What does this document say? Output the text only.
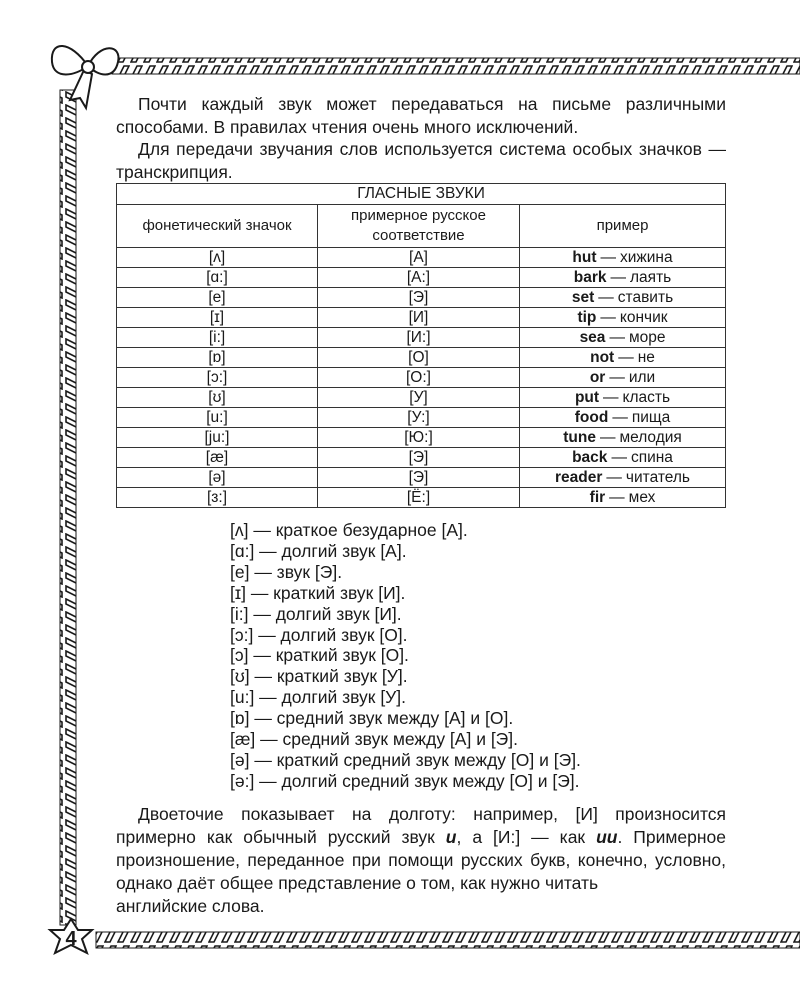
Почти каждый звук может передаваться на письме различными способами. В правилах чтения очень много исключений.

Для передачи звучания слов используется система особых значков — транскрипция.

ГЛАСНЫЕ ЗВУКИ		
фонетический значок	примерное русское соответствие	пример
[ʌ]	[А]	hut — хижина
[ɑ:]	[А:]	bark — лаять
[e]	[Э]	set — ставить
[ɪ]	[И]	tip — кончик
[i:]	[И:]	sea — море
[ɒ]	[О]	not — не
[ɔ:]	[О:]	or — или
[ʊ]	[У]	put — класть
[u:]	[У:]	food — пища
[ju:]	[Ю:]	tune — мелодия
[æ]	[Э]	back — спина
[ə]	[Э]	reader — читатель
[ɜ:]	[Ё:]	fir — мех
[ʌ] — краткое безударное [А].
[ɑ:] — долгий звук [А].
[e] — звук [Э].
[ɪ] — краткий звук [И].
[i:] — долгий звук [И].
[ɔ:] — долгий звук [О].
[ɔ] — краткий звук [О].
[ʊ] — краткий звук [У].
[u:] — долгий звук [У].
[ɒ] — средний звук между [А] и [О].
[æ] — средний звук между [А] и [Э].
[ə] — краткий средний звук между [О] и [Э].
[ə:] — долгий средний звук между [О] и [Э].

Двоеточие показывает на долготу: например, [И] произносится примерно как обычный русский звук и, а [И:] — как ии. Примерное произношение, переданное при помощи русских букв, конечно, условно, однако даёт общее представление о том, как нужно читать
английские слова.

4
